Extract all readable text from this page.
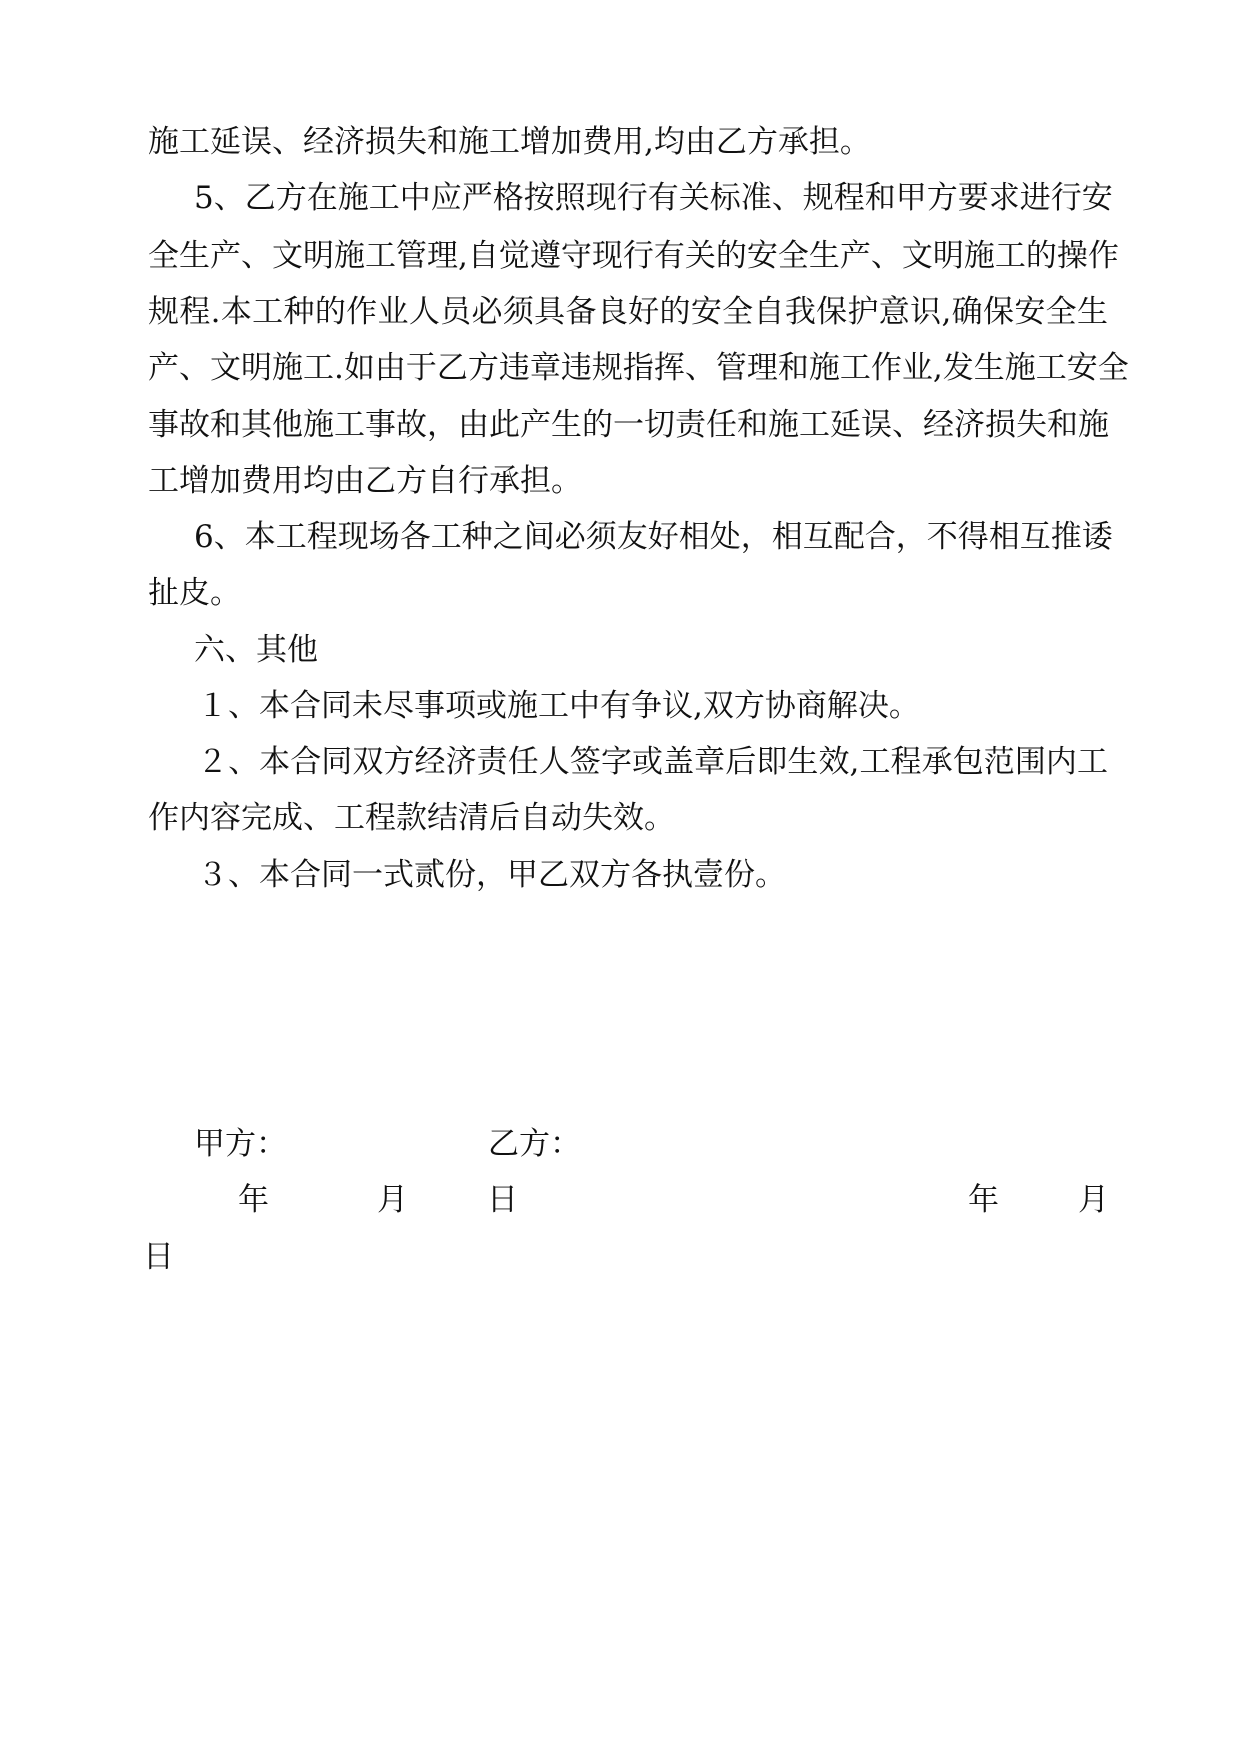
施工延误、经济损失和施工增加费用,均由乙方承担。
5、乙方在施工中应严格按照现行有关标准、规程和甲方要求进行安
全生产、文明施工管理,自觉遵守现行有关的安全生产、文明施工的操作
规程.本工种的作业人员必须具备良好的安全自我保护意识,确保安全生
产、文明施工.如由于乙方违章违规指挥、管理和施工作业,发生施工安全
事故和其他施工事故，由此产生的一切责任和施工延误、经济损失和施
工增加费用均由乙方自行承担。
6、本工程现场各工种之间必须友好相处，相互配合，不得相互推诿
扯皮。
六、其他
１、本合同未尽事项或施工中有争议,双方协商解决。
２、本合同双方经济责任人签字或盖章后即生效,工程承包范围内工
作内容完成、工程款结清后自动失效。
３、本合同一式贰份，甲乙双方各执壹份。
甲方：	乙方：
年	月	日	年	月
日
